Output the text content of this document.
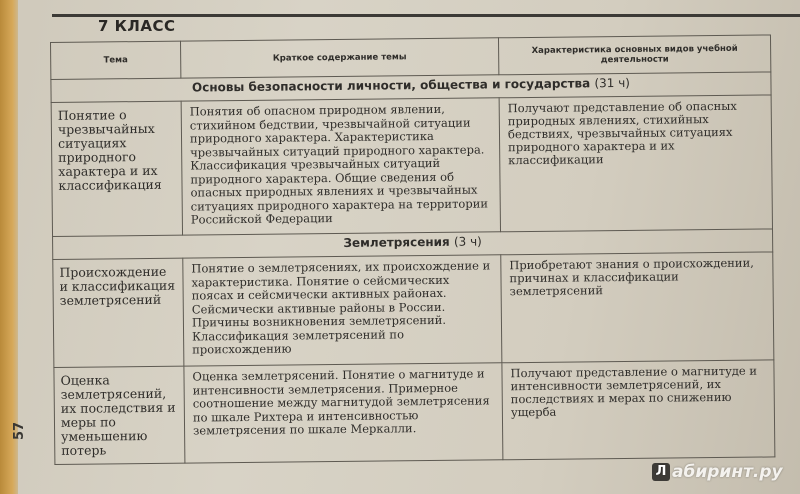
7 КЛАСС
57
Тема	Краткое содержание темы	Характеристика основных видов учебной деятельности
Основы безопасности личности, общества и государства (31 ч)		
Понятие о чрезвычайных ситуациях природного характера и их классификация	Понятия об опасном природном явлении, стихийном бедствии, чрезвычайной ситуации природного характера. Характеристика чрезвычайных ситуаций природного характера. Классификация чрезвычайных ситуаций природного характера. Общие сведения об опасных природных явлениях и чрезвычайных ситуациях природного характера на территории Российской Федерации	Получают представление об опасных природных явлениях, стихийных бедствиях, чрезвычайных ситуациях природного характера и их классификации
Землетрясения (3 ч)		
Происхождение и классификация землетрясений	Понятие о землетрясениях, их происхождение и характеристика. Понятие о сейсмических поясах и сейсмически активных районах. Сейсмически активные районы в России. Причины возникновения землетрясений. Классификация землетрясений по происхождению	Приобретают знания о происхождении, причинах и классификации землетрясений
Оценка землетрясений, их последствия и меры по уменьшению потерь	Оценка землетрясений. Понятие о магнитуде и интенсивности землетрясения. Примерное соотношение между магнитудой землетрясения по шкале Рихтера и интенсивностью землетрясения по шкале Меркалли.	Получают представление о магнитуде и интенсивности землетрясений, их последствиях и мерах по снижению ущерба
Л абиринт.ру
